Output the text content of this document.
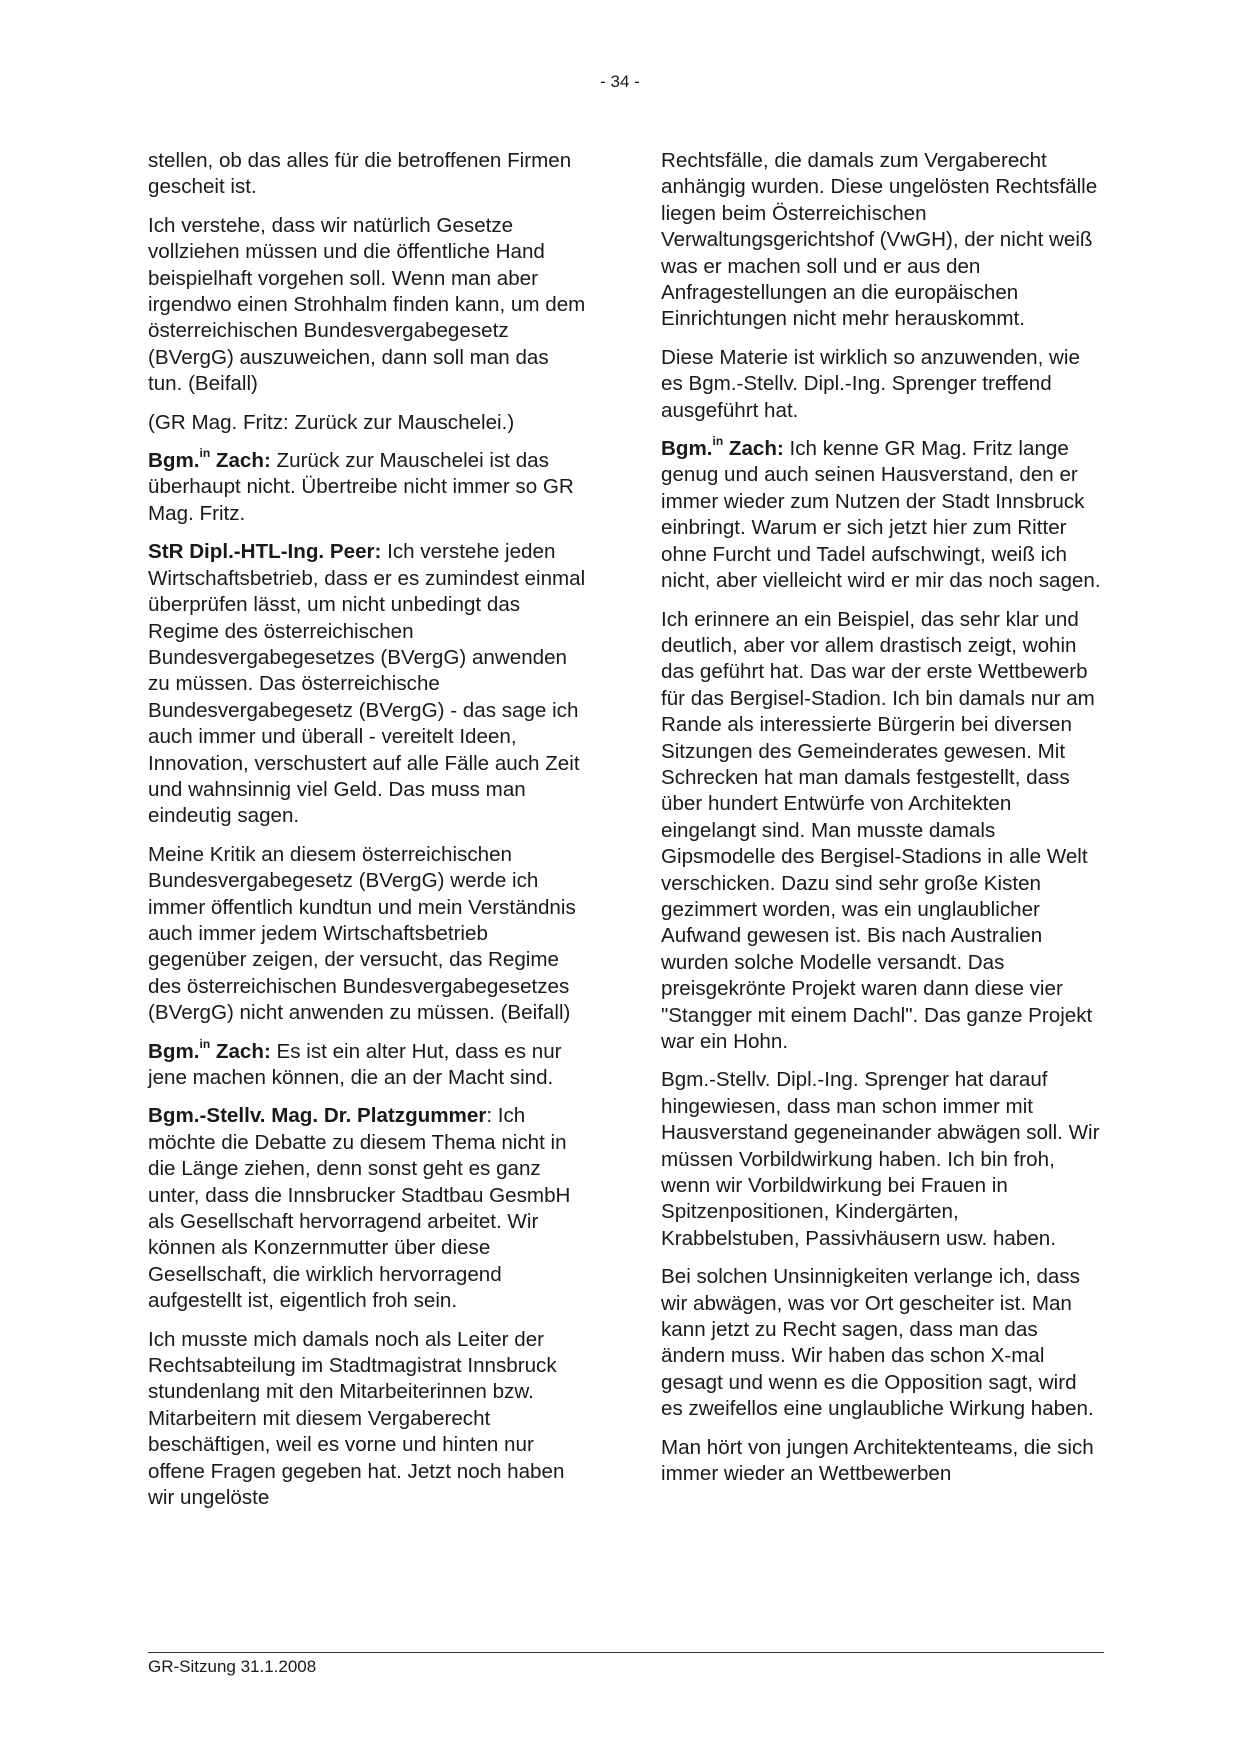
- 34 -

stellen, ob das alles für die betroffenen Firmen gescheit ist.

Ich verstehe, dass wir natürlich Gesetze vollziehen müssen und die öffentliche Hand beispielhaft vorgehen soll. Wenn man aber irgendwo einen Strohhalm finden kann, um dem österreichischen Bundesvergabegesetz (BVergG) auszuweichen, dann soll man das tun. (Beifall)

(GR Mag. Fritz: Zurück zur Mauschelei.)

Bgm.$^{in}$ Zach: Zurück zur Mauschelei ist das überhaupt nicht. Übertreibe nicht immer so GR Mag. Fritz.

StR Dipl.-HTL-Ing. Peer: Ich verstehe jeden Wirtschaftsbetrieb, dass er es zumindest einmal überprüfen lässt, um nicht unbedingt das Regime des österreichischen Bundesvergabegesetzes (BVergG) anwenden zu müssen. Das österreichische Bundesvergabegesetz (BVergG) - das sage ich auch immer und überall - vereitelt Ideen, Innovation, verschustert auf alle Fälle auch Zeit und wahnsinnig viel Geld. Das muss man eindeutig sagen.

Meine Kritik an diesem österreichischen Bundesvergabegesetz (BVergG) werde ich immer öffentlich kundtun und mein Verständnis auch immer jedem Wirtschaftsbetrieb gegenüber zeigen, der versucht, das Regime des österreichischen Bundesvergabegesetzes (BVergG) nicht anwenden zu müssen. (Beifall)

Bgm.$^{in}$ Zach: Es ist ein alter Hut, dass es nur jene machen können, die an der Macht sind.

Bgm.-Stellv. Mag. Dr. Platzgummer: Ich möchte die Debatte zu diesem Thema nicht in die Länge ziehen, denn sonst geht es ganz unter, dass die Innsbrucker Stadtbau GesmbH als Gesellschaft hervorragend arbeitet. Wir können als Konzernmutter über diese Gesellschaft, die wirklich hervorragend aufgestellt ist, eigentlich froh sein.

Ich musste mich damals noch als Leiter der Rechtsabteilung im Stadtmagistrat Innsbruck stundenlang mit den Mitarbeiterinnen bzw. Mitarbeitern mit diesem Vergaberecht beschäftigen, weil es vorne und hinten nur offene Fragen gegeben hat. Jetzt noch haben wir ungelöste

Rechtsfälle, die damals zum Vergaberecht anhängig wurden. Diese ungelösten Rechtsfälle liegen beim Österreichischen Verwaltungsgerichtshof (VwGH), der nicht weiß was er machen soll und er aus den Anfragestellungen an die europäischen Einrichtungen nicht mehr herauskommt.

Diese Materie ist wirklich so anzuwenden, wie es Bgm.-Stellv. Dipl.-Ing. Sprenger treffend ausgeführt hat.

Bgm.$^{in}$ Zach: Ich kenne GR Mag. Fritz lange genug und auch seinen Hausverstand, den er immer wieder zum Nutzen der Stadt Innsbruck einbringt. Warum er sich jetzt hier zum Ritter ohne Furcht und Tadel aufschwingt, weiß ich nicht, aber vielleicht wird er mir das noch sagen.

Ich erinnere an ein Beispiel, das sehr klar und deutlich, aber vor allem drastisch zeigt, wohin das geführt hat. Das war der erste Wettbewerb für das Bergisel-Stadion. Ich bin damals nur am Rande als interessierte Bürgerin bei diversen Sitzungen des Gemeinderates gewesen. Mit Schrecken hat man damals festgestellt, dass über hundert Entwürfe von Architekten eingelangt sind. Man musste damals Gipsmodelle des Bergisel-Stadions in alle Welt verschicken. Dazu sind sehr große Kisten gezimmert worden, was ein unglaublicher Aufwand gewesen ist. Bis nach Australien wurden solche Modelle versandt. Das preisgekrönte Projekt waren dann diese vier "Stangger mit einem Dachl". Das ganze Projekt war ein Hohn.

Bgm.-Stellv. Dipl.-Ing. Sprenger hat darauf hingewiesen, dass man schon immer mit Hausverstand gegeneinander abwägen soll. Wir müssen Vorbildwirkung haben. Ich bin froh, wenn wir Vorbildwirkung bei Frauen in Spitzenpositionen, Kindergärten, Krabbelstuben, Passivhäusern usw. haben.

Bei solchen Unsinnigkeiten verlange ich, dass wir abwägen, was vor Ort gescheiter ist. Man kann jetzt zu Recht sagen, dass man das ändern muss. Wir haben das schon X-mal gesagt und wenn es die Opposition sagt, wird es zweifellos eine unglaubliche Wirkung haben.

Man hört von jungen Architektenteams, die sich immer wieder an Wettbewerben

GR-Sitzung 31.1.2008
